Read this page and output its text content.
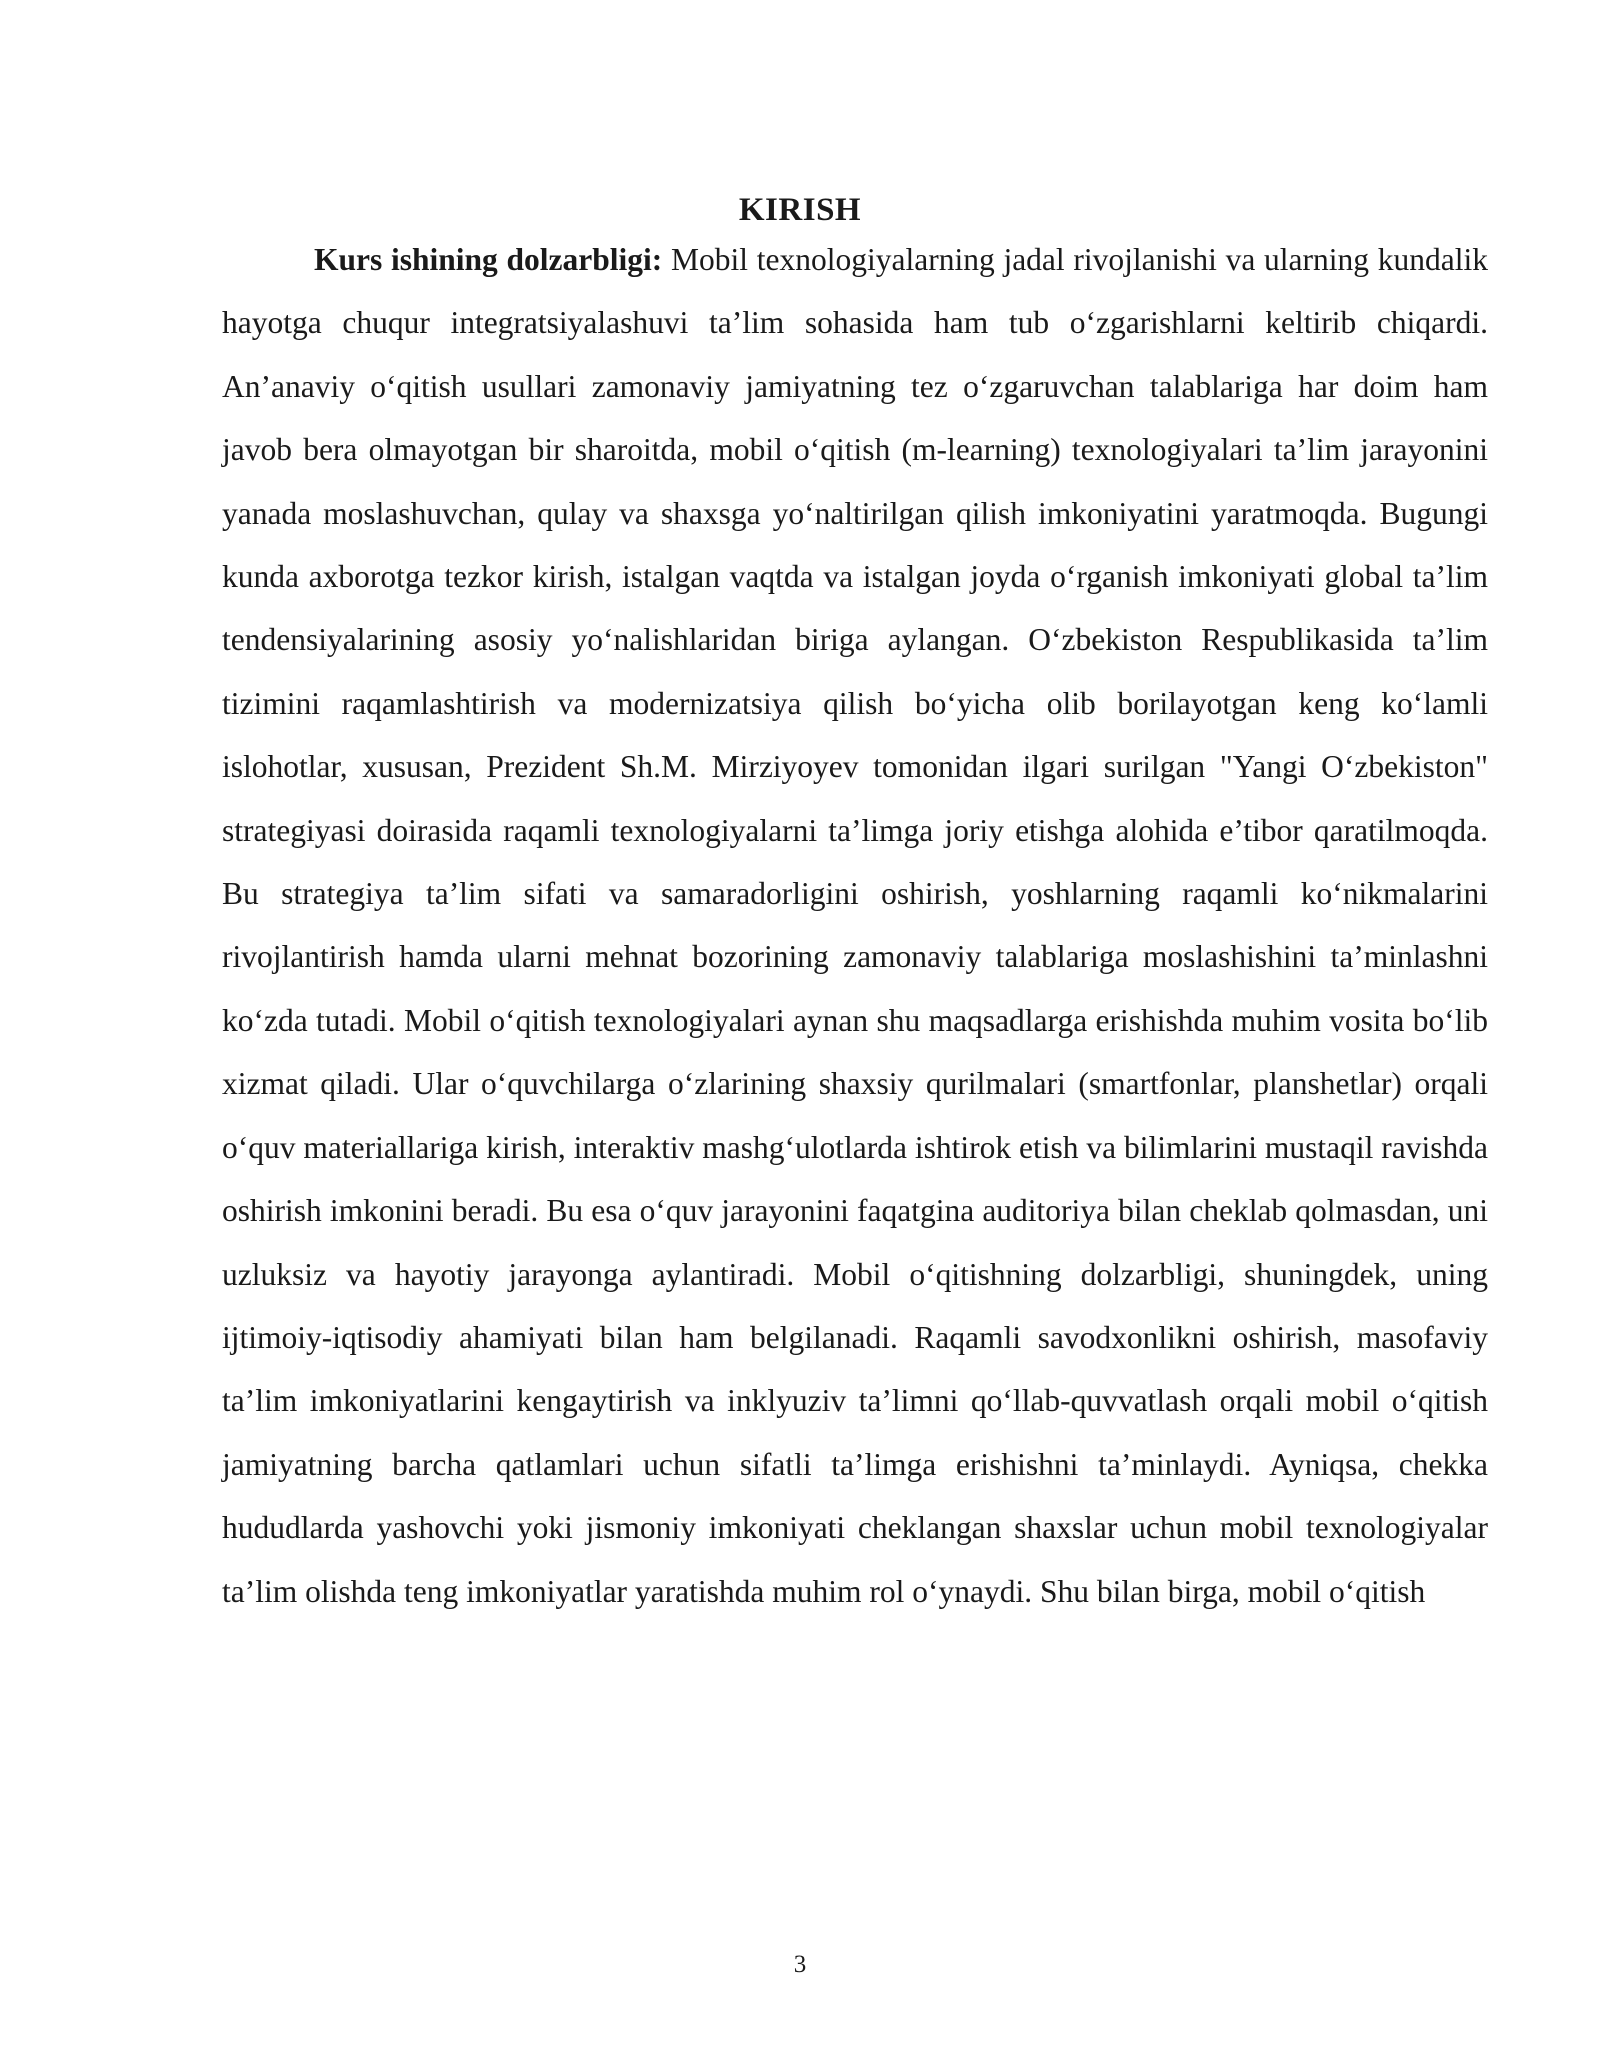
KIRISH

Kurs ishining dolzarbligi: Mobil texnologiyalarning jadal rivojlanishi va ularning kundalik hayotga chuqur integratsiyalashuvi ta’lim sohasida ham tub o‘zgarishlarni keltirib chiqardi. An’anaviy o‘qitish usullari zamonaviy jamiyatning tez o‘zgaruvchan talablariga har doim ham javob bera olmayotgan bir sharoitda, mobil o‘qitish (m-learning) texnologiyalari ta’lim jarayonini yanada moslashuvchan, qulay va shaxsga yo‘naltirilgan qilish imkoniyatini yaratmoqda. Bugungi kunda axborotga tezkor kirish, istalgan vaqtda va istalgan joyda o‘rganish imkoniyati global ta’lim tendensiyalarining asosiy yo‘nalishlaridan biriga aylangan. O‘zbekiston Respublikasida ta’lim tizimini raqamlashtirish va modernizatsiya qilish bo‘yicha olib borilayotgan keng ko‘lamli islohotlar, xususan, Prezident Sh.M. Mirziyoyev tomonidan ilgari surilgan "Yangi O‘zbekiston" strategiyasi doirasida raqamli texnologiyalarni ta’limga joriy etishga alohida e’tibor qaratilmoqda. Bu strategiya ta’lim sifati va samaradorligini oshirish, yoshlarning raqamli ko‘nikmalarini rivojlantirish hamda ularni mehnat bozorining zamonaviy talablariga moslashishini ta’minlashni ko‘zda tutadi. Mobil o‘qitish texnologiyalari aynan shu maqsadlarga erishishda muhim vosita bo‘lib xizmat qiladi. Ular o‘quvchilarga o‘zlarining shaxsiy qurilmalari (smartfonlar, planshetlar) orqali o‘quv materiallariga kirish, interaktiv mashg‘ulotlarda ishtirok etish va bilimlarini mustaqil ravishda oshirish imkonini beradi. Bu esa o‘quv jarayonini faqatgina auditoriya bilan cheklab qolmasdan, uni uzluksiz va hayotiy jarayonga aylantiradi. Mobil o‘qitishning dolzarbligi, shuningdek, uning ijtimoiy-iqtisodiy ahamiyati bilan ham belgilanadi. Raqamli savodxonlikni oshirish, masofaviy ta’lim imkoniyatlarini kengaytirish va inklyuziv ta’limni qo‘llab-quvvatlash orqali mobil o‘qitish jamiyatning barcha qatlamlari uchun sifatli ta’limga erishishni ta’minlaydi. Ayniqsa, chekka hududlarda yashovchi yoki jismoniy imkoniyati cheklangan shaxslar uchun mobil texnologiyalar ta’lim olishda teng imkoniyatlar yaratishda muhim rol o‘ynaydi. Shu bilan birga, mobil o‘qitish

3
